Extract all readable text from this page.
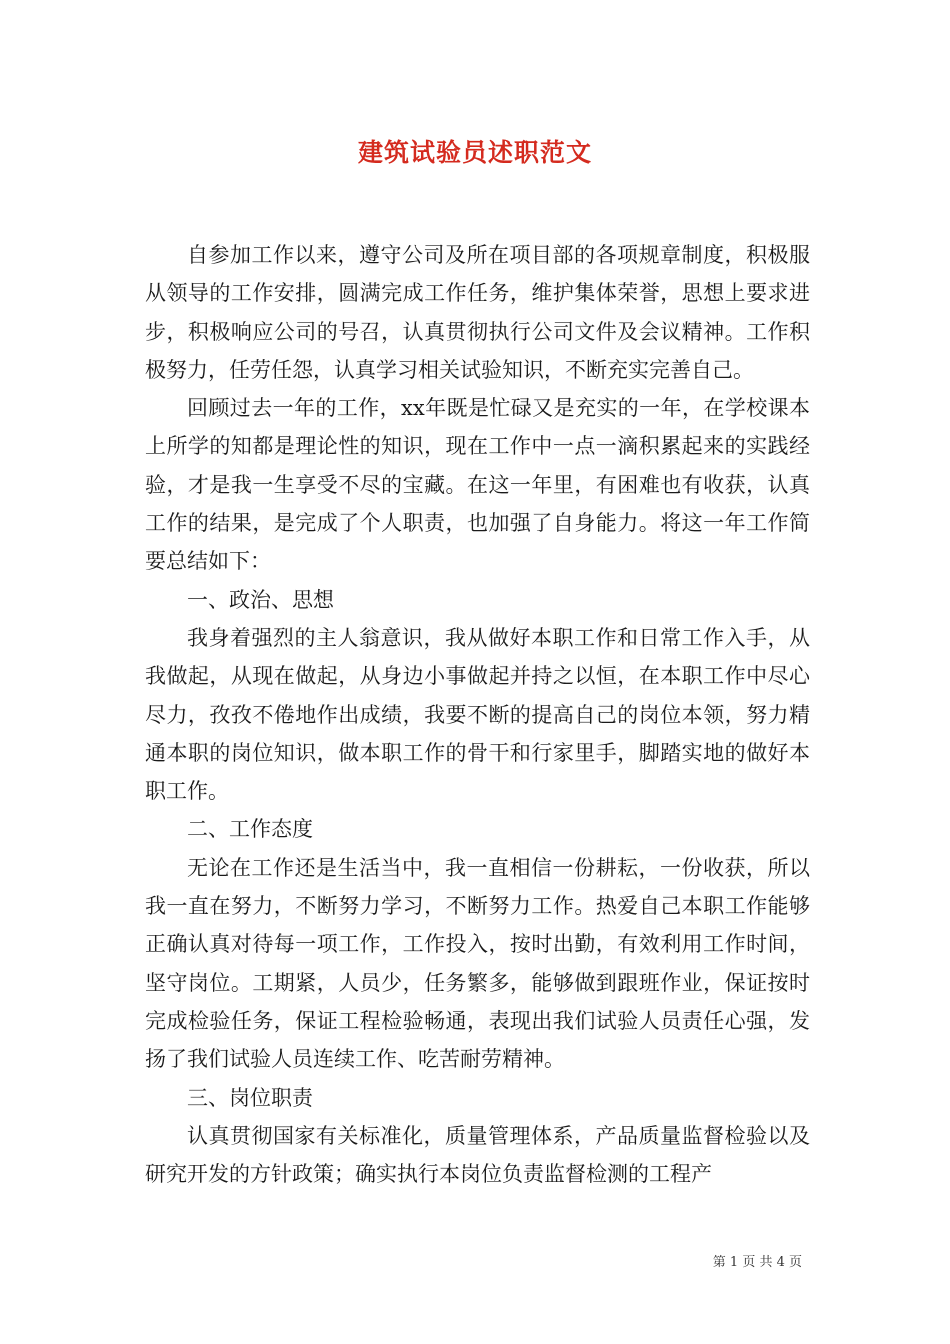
建筑试验员述职范文

自参加工作以来，遵守公司及所在项目部的各项规章制度，积极服从领导的工作安排，圆满完成工作任务，维护集体荣誉，思想上要求进步，积极响应公司的号召，认真贯彻执行公司文件及会议精神。工作积极努力，任劳任怨，认真学习相关试验知识，不断充实完善自己。

回顾过去一年的工作，xx年既是忙碌又是充实的一年，在学校课本上所学的知都是理论性的知识，现在工作中一点一滴积累起来的实践经验，才是我一生享受不尽的宝藏。在这一年里，有困难也有收获，认真工作的结果，是完成了个人职责，也加强了自身能力。将这一年工作简要总结如下：

一、政治、思想

我身着强烈的主人翁意识，我从做好本职工作和日常工作入手，从我做起，从现在做起，从身边小事做起并持之以恒，在本职工作中尽心尽力，孜孜不倦地作出成绩，我要不断的提高自己的岗位本领，努力精通本职的岗位知识，做本职工作的骨干和行家里手，脚踏实地的做好本职工作。

二、工作态度

无论在工作还是生活当中，我一直相信一份耕耘，一份收获，所以我一直在努力，不断努力学习，不断努力工作。热爱自己本职工作能够正确认真对待每一项工作，工作投入，按时出勤，有效利用工作时间，坚守岗位。工期紧，人员少，任务繁多，能够做到跟班作业，保证按时完成检验任务，保证工程检验畅通，表现出我们试验人员责任心强，发扬了我们试验人员连续工作、吃苦耐劳精神。

三、岗位职责

认真贯彻国家有关标准化，质量管理体系，产品质量监督检验以及研究开发的方针政策；确实执行本岗位负责监督检测的工程产

第 1 页 共 4 页
